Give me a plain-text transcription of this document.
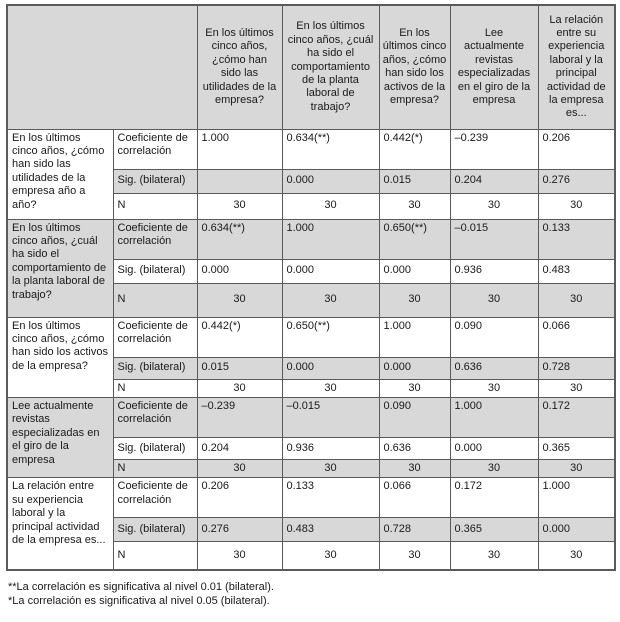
		En los últimos cinco años, ¿cómo han sido las utilidades de la empresa?	En los últimos cinco años, ¿cuál ha sido el comportamiento de la planta laboral de trabajo?	En los últimos cinco años, ¿cómo han sido los activos de la empresa?	Lee actualmente revistas especializadas en el giro de la empresa	La relación entre su experiencia laboral y la principal actividad de la empresa es...
En los últimos cinco años, ¿cómo han sido las utilidades de la empresa año a año?	Coeficiente de correlación	1.000	0.634(**)	0.442(*)	–0.239	0.206
	Sig. (bilateral)		0.000	0.015	0.204	0.276
	N	30	30	30	30	30
En los últimos cinco años, ¿cuál ha sido el comportamiento de la planta laboral de trabajo?	Coeficiente de correlación	0.634(**)	1.000	0.650(**)	–0.015	0.133
	Sig. (bilateral)	0.000	0.000	0.000	0.936	0.483
	N	30	30	30	30	30
En los últimos cinco años, ¿cómo han sido los activos de la empresa?	Coeficiente de correlación	0.442(*)	0.650(**)	1.000	0.090	0.066
	Sig. (bilateral)	0.015	0.000	0.000	0.636	0.728
	N	30	30	30	30	30
Lee actualmente revistas especializadas en el giro de la empresa	Coeficiente de correlación	–0.239	–0.015	0.090	1.000	0.172
	Sig. (bilateral)	0.204	0.936	0.636	0.000	0.365
	N	30	30	30	30	30
La relación entre su experiencia laboral y la principal actividad de la empresa es...	Coeficiente de correlación	0.206	0.133	0.066	0.172	1.000
	Sig. (bilateral)	0.276	0.483	0.728	0.365	0.000
	N	30	30	30	30	30
**La correlación es significativa al nivel 0.01 (bilateral).
*La correlación es significativa al nivel 0.05 (bilateral).
